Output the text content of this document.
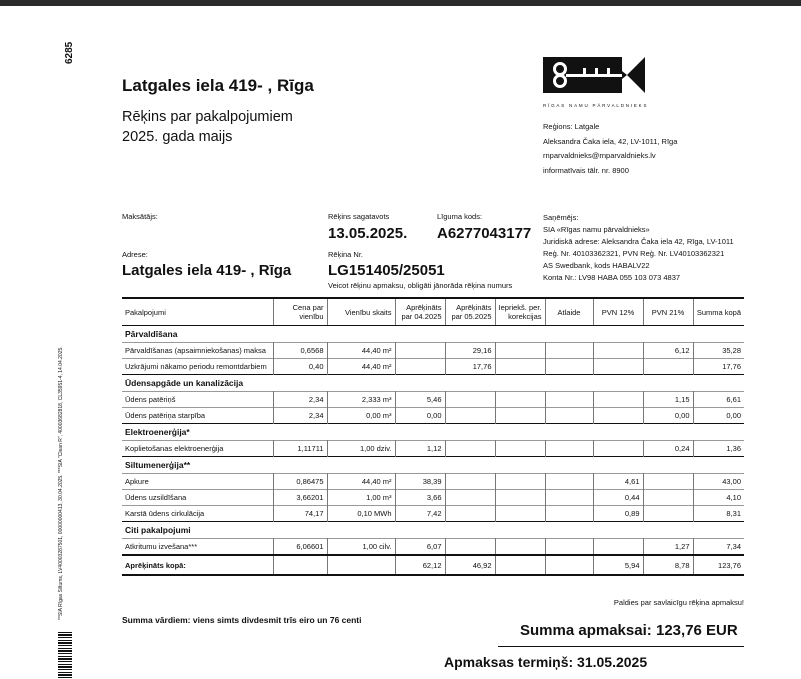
6285
**SIA Rīgas Siltums, LV40003287501, 00000000413, 30.04.2025. ***SIA "Clean R", 40003682818, CL35951-4, 14.04.2025.
Latgales iela 419- , Rīga
Rēķins par pakalpojumiem
2025. gada maijs
RĪGAS NAMU PĀRVALDNIEKS
Reģions: Latgale
Aleksandra Čaka iela, 42, LV-1011, Rīga
rnparvaldnieks@rnparvaldnieks.lv
informatīvais tālr. nr. 8900
Maksātājs:	Rēķins sagatavots
13.05.2025.
Līguma kods:
A6277043177
Adrese:
Latgales iela 419- , Rīga
Rēķina Nr.
LG151405/25051
Veicot rēķinu apmaksu, obligāti jānorāda rēķina numurs
Saņēmējs:
SIA «Rīgas namu pārvaldnieks»
Juridiskā adrese: Aleksandra Čaka iela 42, Rīga, LV-1011
Reģ. Nr. 40103362321, PVN Reģ. Nr. LV40103362321
AS Swedbank, kods HABALV22
Konta Nr.: LV98 HABA 055 103 073 4837
Pakalpojumi	Cena par vienību	Vienību skaits	Aprēķināts par 04.2025	Aprēķināts par 05.2025	Iepriekš. per. korekcijas	Atlaide	PVN 12%	PVN 21%	Summa kopā
Pārvaldīšana									
Pārvaldīšanas (apsaimniekošanas) maksa	0,6568	44,40 m²		29,16				6,12	35,28
Uzkrājumi nākamo periodu remontdarbiem	0,40	44,40 m²		17,76					17,76
Ūdensapgāde un kanalizācija									
Ūdens patēriņš	2,34	2,333 m³	5,46					1,15	6,61
Ūdens patēriņa starpība	2,34	0,00 m³	0,00					0,00	0,00
Elektroenerģija*									
Koplietošanas elektroenerģija	1,11711	1,00 dziv.	1,12					0,24	1,36
Siltumenerģija**									
Apkure	0,86475	44,40 m²	38,39				4,61		43,00
Ūdens uzsildīšana	3,66201	1,00 m³	3,66				0,44		4,10
Karstā ūdens cirkulācija	74,17	0,10 MWh	7,42				0,89		8,31
Citi pakalpojumi									
Atkritumu izvešana***	6,06601	1,00 cilv.	6,07					1,27	7,34
Aprēķināts kopā:			62,12	46,92			5,94	8,78	123,76
Paldies par savlaicīgu rēķina apmaksu!
Summa vārdiem: viens simts divdesmit trīs eiro un 76 centi
Summa apmaksai: 123,76 EUR
Apmaksas termiņš: 31.05.2025
